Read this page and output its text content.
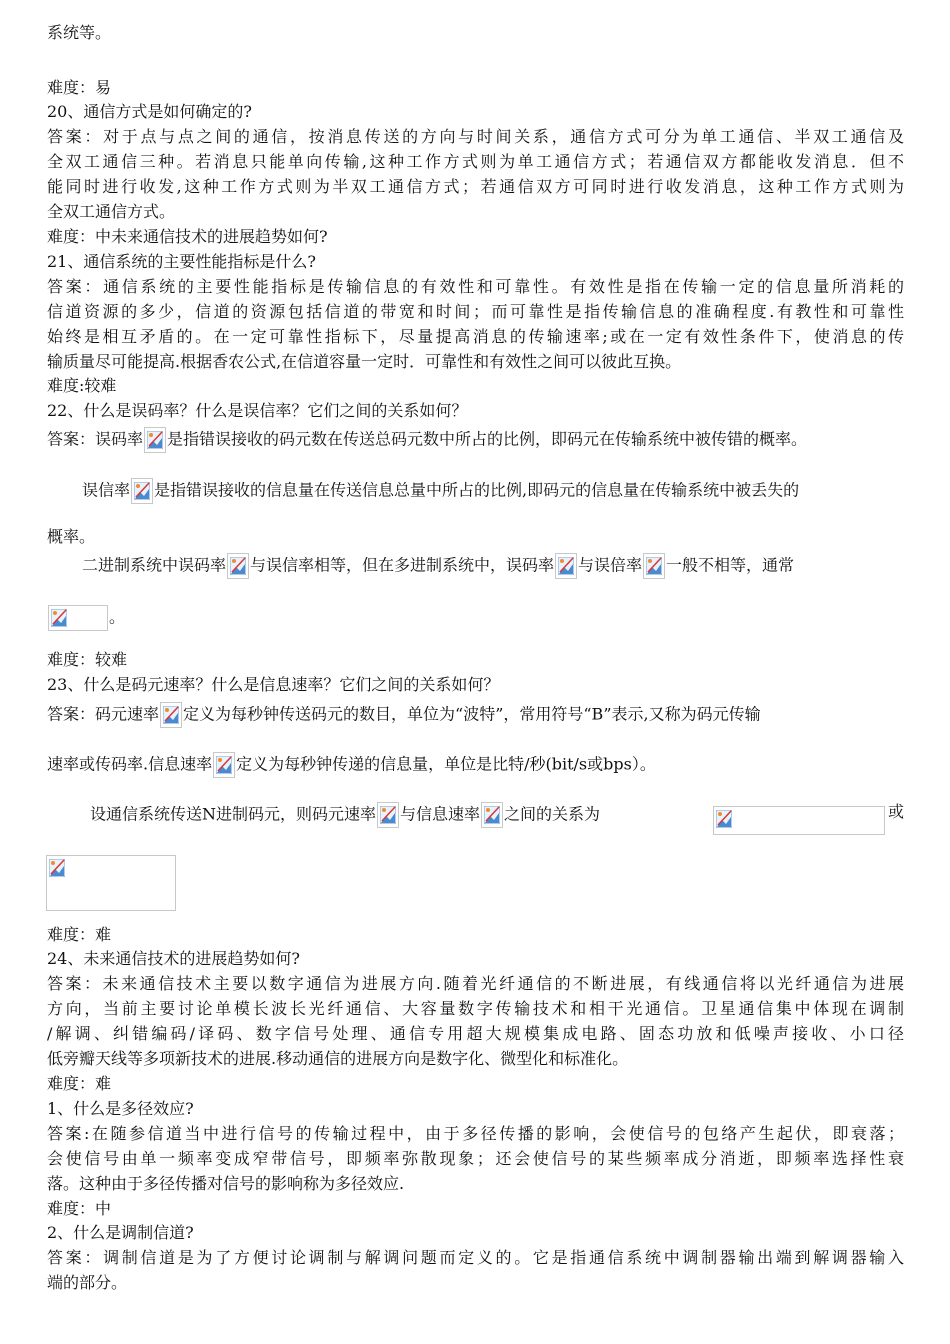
系统等。
难度：易
20、通信方式是如何确定的?
答案：对于点与点之间的通信，按消息传送的方向与时间关系，通信方式可分为单工通信、半双工通信及
全双工通信三种。若消息只能单向传输,这种工作方式则为单工通信方式；若通信双方都能收发消息．但不
能同时进行收发,这种工作方式则为半双工通信方式；若通信双方可同时进行收发消息，这种工作方式则为
全双工通信方式。
难度：中未来通信技术的进展趋势如何?
21、通信系统的主要性能指标是什么?
答案：通信系统的主要性能指标是传输信息的有效性和可靠性。有效性是指在传输一定的信息量所消耗的
信道资源的多少，信道的资源包括信道的带宽和时间；而可靠性是指传输信息的准确程度.有教性和可靠性
始终是相互矛盾的。在一定可靠性指标下，尽量提高消息的传输速率;或在一定有效性条件下，使消息的传
输质量尽可能提高.根据香农公式,在信道容量一定时．可靠性和有效性之间可以彼此互换。
难度:较难
22、什么是误码率？什么是误信率？它们之间的关系如何？
答案：误码率 是指错误接收的码元数在传送总码元数中所占的比例，即码元在传输系统中被传错的概率。
误信率 是指错误接收的信息量在传送信息总量中所占的比例,即码元的信息量在传输系统中被丢失的
概率。
二进制系统中误码率 与误信率相等，但在多进制系统中，误码率 与误倍率 一般不相等，通常
。
难度：较难
23、什么是码元速率？什么是信息速率？它们之间的关系如何？
答案：码元速率 定义为每秒钟传送码元的数目，单位为“波特”，常用符号“B”表示,又称为码元传输
速率或传码率.信息速率 定义为每秒钟传递的信息量，单位是比特/秒(bit/s或bps）。
设通信系统传送N进制码元，则码元速率 与信息速率 之间的关系为	或
难度：难
24、未来通信技术的进展趋势如何?
答案：未来通信技术主要以数字通信为进展方向.随着光纤通信的不断进展，有线通信将以光纤通信为进展
方向，当前主要讨论单模长波长光纤通信、大容量数字传输技术和相干光通信。卫星通信集中体现在调制
/解调、纠错编码/译码、数字信号处理、通信专用超大规模集成电路、固态功放和低噪声接收、小口径
低旁瓣天线等多项新技术的进展.移动通信的进展方向是数字化、微型化和标准化。
难度：难
1、什么是多径效应?
答案:在随参信道当中进行信号的传输过程中，由于多径传播的影响，会使信号的包络产生起伏，即衰落；
会使信号由单一频率变成窄带信号，即频率弥散现象；还会使信号的某些频率成分消逝，即频率选择性衰
落。这种由于多径传播对信号的影响称为多径效应.
难度：中
2、什么是调制信道?
答案：调制信道是为了方便讨论调制与解调问题而定义的。它是指通信系统中调制器输出端到解调器输入
端的部分。
